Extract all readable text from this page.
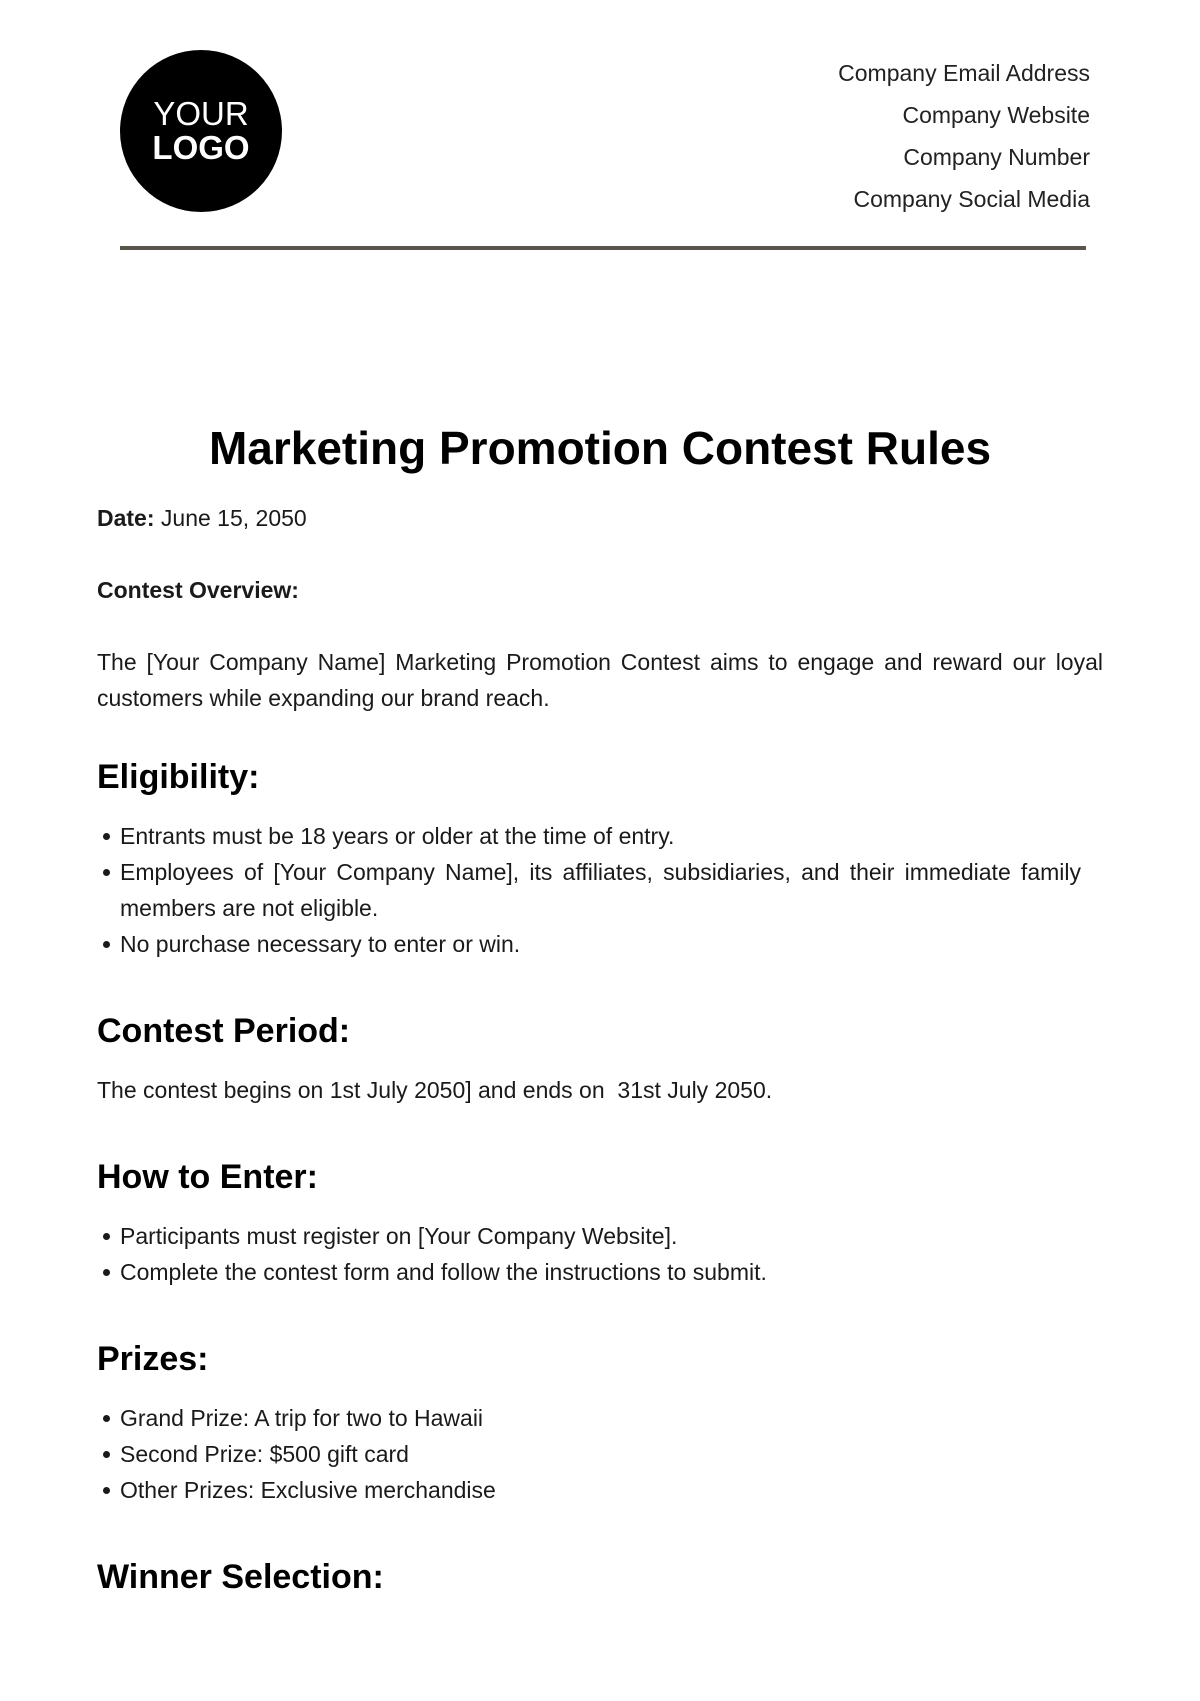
YOUR
LOGO
Company Email Address
Company Website
Company Number
Company Social Media
Marketing Promotion Contest Rules

Date: June 15, 2050

Contest Overview:

The [Your Company Name] Marketing Promotion Contest aims to engage and reward our loyal customers while expanding our brand reach.

Eligibility:
Entrants must be 18 years or older at the time of entry.
Employees of [Your Company Name], its affiliates, subsidiaries, and their immediate family members are not eligible.
No purchase necessary to enter or win.
Contest Period:

The contest begins on 1st July 2050] and ends on  31st July 2050.

How to Enter:
Participants must register on [Your Company Website].
Complete the contest form and follow the instructions to submit.
Prizes:
Grand Prize: A trip for two to Hawaii
Second Prize: $500 gift card
Other Prizes: Exclusive merchandise
Winner Selection:
